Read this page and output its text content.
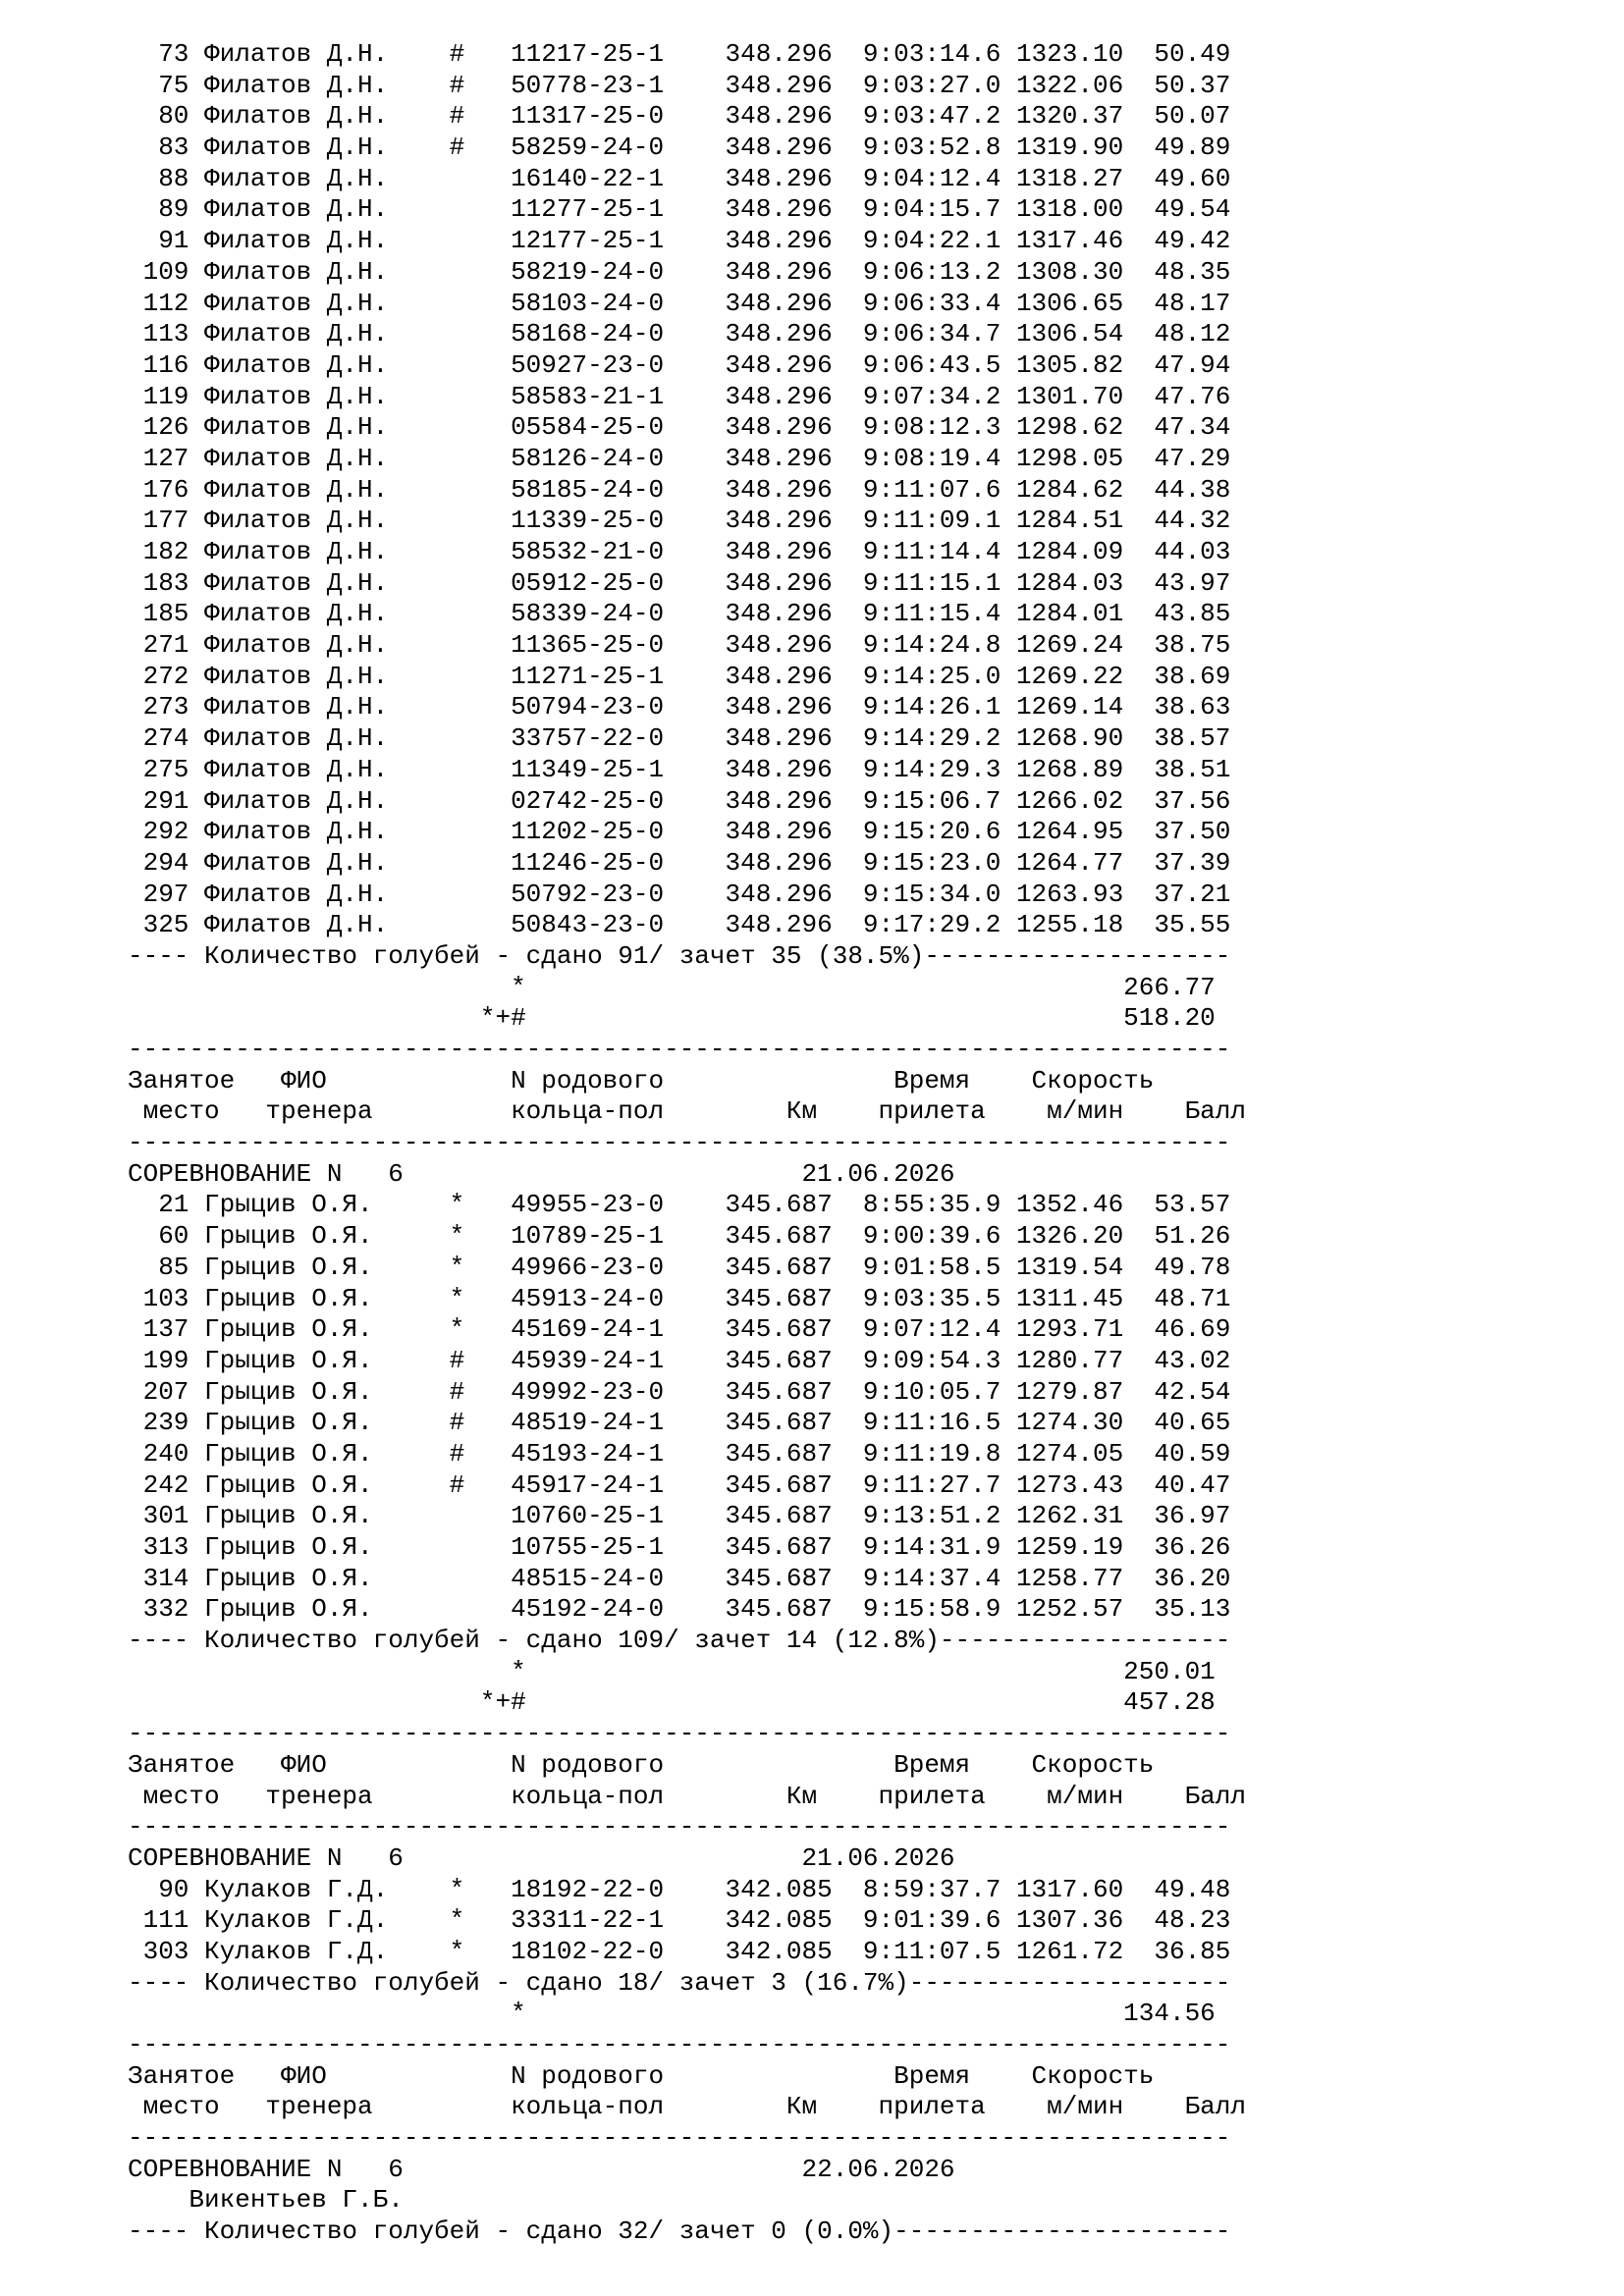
73 Филатов Д.Н.    #   11217-25-1    348.296  9:03:14.6 1323.10  50.49
75 Филатов Д.Н.    #   50778-23-1    348.296  9:03:27.0 1322.06  50.37
80 Филатов Д.Н.    #   11317-25-0    348.296  9:03:47.2 1320.37  50.07
83 Филатов Д.Н.    #   58259-24-0    348.296  9:03:52.8 1319.90  49.89
88 Филатов Д.Н.        16140-22-1    348.296  9:04:12.4 1318.27  49.60
89 Филатов Д.Н.        11277-25-1    348.296  9:04:15.7 1318.00  49.54
91 Филатов Д.Н.        12177-25-1    348.296  9:04:22.1 1317.46  49.42
109 Филатов Д.Н.        58219-24-0    348.296  9:06:13.2 1308.30  48.35
112 Филатов Д.Н.        58103-24-0    348.296  9:06:33.4 1306.65  48.17
113 Филатов Д.Н.        58168-24-0    348.296  9:06:34.7 1306.54  48.12
116 Филатов Д.Н.        50927-23-0    348.296  9:06:43.5 1305.82  47.94
119 Филатов Д.Н.        58583-21-1    348.296  9:07:34.2 1301.70  47.76
126 Филатов Д.Н.        05584-25-0    348.296  9:08:12.3 1298.62  47.34
127 Филатов Д.Н.        58126-24-0    348.296  9:08:19.4 1298.05  47.29
176 Филатов Д.Н.        58185-24-0    348.296  9:11:07.6 1284.62  44.38
177 Филатов Д.Н.        11339-25-0    348.296  9:11:09.1 1284.51  44.32
182 Филатов Д.Н.        58532-21-0    348.296  9:11:14.4 1284.09  44.03
183 Филатов Д.Н.        05912-25-0    348.296  9:11:15.1 1284.03  43.97
185 Филатов Д.Н.        58339-24-0    348.296  9:11:15.4 1284.01  43.85
271 Филатов Д.Н.        11365-25-0    348.296  9:14:24.8 1269.24  38.75
272 Филатов Д.Н.        11271-25-1    348.296  9:14:25.0 1269.22  38.69
273 Филатов Д.Н.        50794-23-0    348.296  9:14:26.1 1269.14  38.63
274 Филатов Д.Н.        33757-22-0    348.296  9:14:29.2 1268.90  38.57
275 Филатов Д.Н.        11349-25-1    348.296  9:14:29.3 1268.89  38.51
291 Филатов Д.Н.        02742-25-0    348.296  9:15:06.7 1266.02  37.56
292 Филатов Д.Н.        11202-25-0    348.296  9:15:20.6 1264.95  37.50
294 Филатов Д.Н.        11246-25-0    348.296  9:15:23.0 1264.77  37.39
297 Филатов Д.Н.        50792-23-0    348.296  9:15:34.0 1263.93  37.21
325 Филатов Д.Н.        50843-23-0    348.296  9:17:29.2 1255.18  35.55
---- Количество голубей - сдано 91/ зачет 35 (38.5%)--------------------
*                                       266.77
*+#                                       518.20
------------------------------------------------------------------------
Занятое   ФИО            N родового               Время    Скорость
место   тренера         кольца-пол        Км    прилета    м/мин    Балл
------------------------------------------------------------------------
СОРЕВНОВАНИЕ N   6                          21.06.2026
21 Грыцив О.Я.     *   49955-23-0    345.687  8:55:35.9 1352.46  53.57
60 Грыцив О.Я.     *   10789-25-1    345.687  9:00:39.6 1326.20  51.26
85 Грыцив О.Я.     *   49966-23-0    345.687  9:01:58.5 1319.54  49.78
103 Грыцив О.Я.     *   45913-24-0    345.687  9:03:35.5 1311.45  48.71
137 Грыцив О.Я.     *   45169-24-1    345.687  9:07:12.4 1293.71  46.69
199 Грыцив О.Я.     #   45939-24-1    345.687  9:09:54.3 1280.77  43.02
207 Грыцив О.Я.     #   49992-23-0    345.687  9:10:05.7 1279.87  42.54
239 Грыцив О.Я.     #   48519-24-1    345.687  9:11:16.5 1274.30  40.65
240 Грыцив О.Я.     #   45193-24-1    345.687  9:11:19.8 1274.05  40.59
242 Грыцив О.Я.     #   45917-24-1    345.687  9:11:27.7 1273.43  40.47
301 Грыцив О.Я.         10760-25-1    345.687  9:13:51.2 1262.31  36.97
313 Грыцив О.Я.         10755-25-1    345.687  9:14:31.9 1259.19  36.26
314 Грыцив О.Я.         48515-24-0    345.687  9:14:37.4 1258.77  36.20
332 Грыцив О.Я.         45192-24-0    345.687  9:15:58.9 1252.57  35.13
---- Количество голубей - сдано 109/ зачет 14 (12.8%)-------------------
*                                       250.01
*+#                                       457.28
------------------------------------------------------------------------
Занятое   ФИО            N родового               Время    Скорость
место   тренера         кольца-пол        Км    прилета    м/мин    Балл
------------------------------------------------------------------------
СОРЕВНОВАНИЕ N   6                          21.06.2026
90 Кулаков Г.Д.    *   18192-22-0    342.085  8:59:37.7 1317.60  49.48
111 Кулаков Г.Д.    *   33311-22-1    342.085  9:01:39.6 1307.36  48.23
303 Кулаков Г.Д.    *   18102-22-0    342.085  9:11:07.5 1261.72  36.85
---- Количество голубей - сдано 18/ зачет 3 (16.7%)---------------------
*                                       134.56
------------------------------------------------------------------------
Занятое   ФИО            N родового               Время    Скорость
место   тренера         кольца-пол        Км    прилета    м/мин    Балл
------------------------------------------------------------------------
СОРЕВНОВАНИЕ N   6                          22.06.2026
Викентьев Г.Б.
---- Количество голубей - сдано 32/ зачет 0 (0.0%)----------------------
